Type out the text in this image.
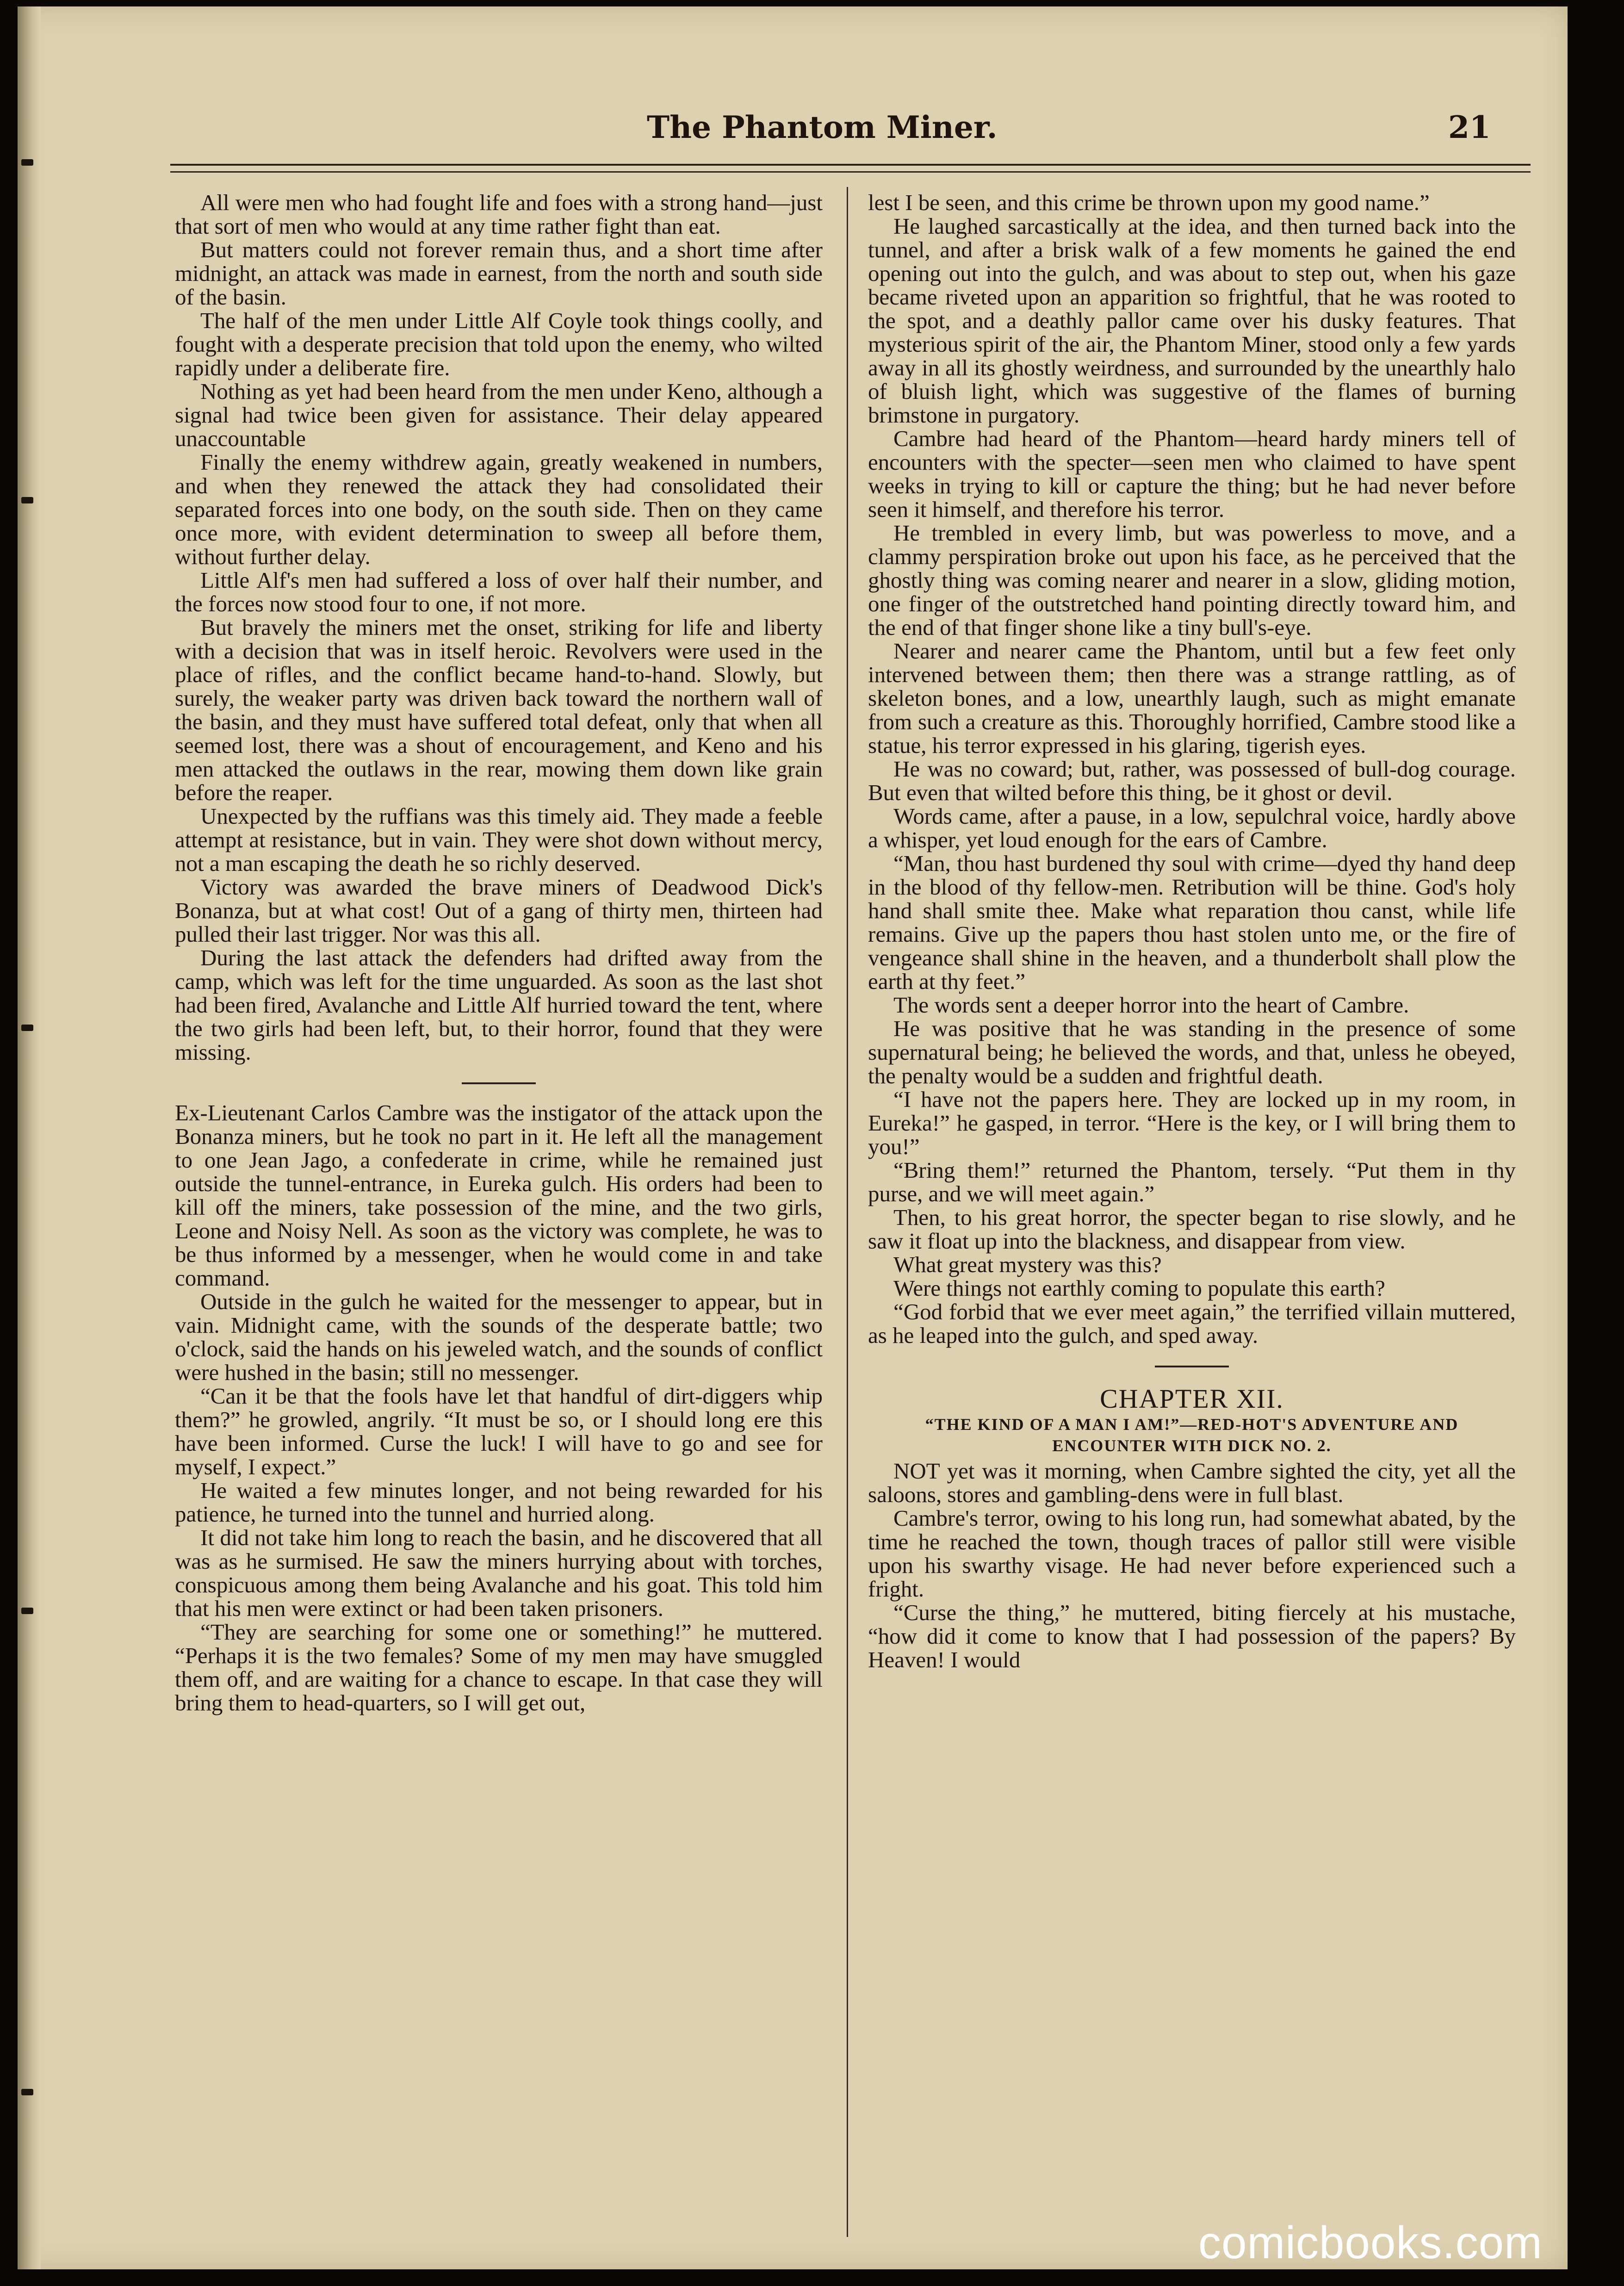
The Phantom Miner.	21

All were men who had fought life and foes with a strong hand—just that sort of men who would at any time rather fight than eat.

But matters could not forever remain thus, and a short time after midnight, an attack was made in earnest, from the north and south side of the basin.

The half of the men under Little Alf Coyle took things coolly, and fought with a desperate precision that told upon the enemy, who wilted rapidly under a deliberate fire.

Nothing as yet had been heard from the men under Keno, although a signal had twice been given for assistance. Their delay appeared unaccountable

Finally the enemy withdrew again, greatly weakened in numbers, and when they renewed the attack they had consolidated their separated forces into one body, on the south side. Then on they came once more, with evident determination to sweep all before them, without further delay.

Little Alf's men had suffered a loss of over half their number, and the forces now stood four to one, if not more.

But bravely the miners met the onset, striking for life and liberty with a decision that was in itself heroic. Revolvers were used in the place of rifles, and the conflict became hand-to-hand. Slowly, but surely, the weaker party was driven back toward the northern wall of the basin, and they must have suffered total defeat, only that when all seemed lost, there was a shout of encouragement, and Keno and his men attacked the outlaws in the rear, mowing them down like grain before the reaper.

Unexpected by the ruffians was this timely aid. They made a feeble attempt at resistance, but in vain. They were shot down without mercy, not a man escaping the death he so richly deserved.

Victory was awarded the brave miners of Deadwood Dick's Bonanza, but at what cost! Out of a gang of thirty men, thirteen had pulled their last trigger. Nor was this all.

During the last attack the defenders had drifted away from the camp, which was left for the time unguarded. As soon as the last shot had been fired, Avalanche and Little Alf hurried toward the tent, where the two girls had been left, but, to their horror, found that they were missing.

Ex-Lieutenant Carlos Cambre was the instigator of the attack upon the Bonanza miners, but he took no part in it. He left all the management to one Jean Jago, a confederate in crime, while he remained just outside the tunnel-entrance, in Eureka gulch. His orders had been to kill off the miners, take possession of the mine, and the two girls, Leone and Noisy Nell. As soon as the victory was complete, he was to be thus informed by a messenger, when he would come in and take command.

Outside in the gulch he waited for the messenger to appear, but in vain. Midnight came, with the sounds of the desperate battle; two o'clock, said the hands on his jeweled watch, and the sounds of conflict were hushed in the basin; still no messenger.

“Can it be that the fools have let that handful of dirt-diggers whip them?” he growled, angrily. “It must be so, or I should long ere this have been informed. Curse the luck! I will have to go and see for myself, I expect.”

He waited a few minutes longer, and not being rewarded for his patience, he turned into the tunnel and hurried along.

It did not take him long to reach the basin, and he discovered that all was as he surmised. He saw the miners hurrying about with torches, conspicuous among them being Avalanche and his goat. This told him that his men were extinct or had been taken prisoners.

“They are searching for some one or something!” he muttered. “Perhaps it is the two females? Some of my men may have smuggled them off, and are waiting for a chance to escape. In that case they will bring them to head-quarters, so I will get out,

lest I be seen, and this crime be thrown upon my good name.”

He laughed sarcastically at the idea, and then turned back into the tunnel, and after a brisk walk of a few moments he gained the end opening out into the gulch, and was about to step out, when his gaze became riveted upon an apparition so frightful, that he was rooted to the spot, and a deathly pallor came over his dusky features. That mysterious spirit of the air, the Phantom Miner, stood only a few yards away in all its ghostly weirdness, and surrounded by the unearthly halo of bluish light, which was suggestive of the flames of burning brimstone in purgatory.

Cambre had heard of the Phantom—heard hardy miners tell of encounters with the specter—seen men who claimed to have spent weeks in trying to kill or capture the thing; but he had never before seen it himself, and therefore his terror.

He trembled in every limb, but was powerless to move, and a clammy perspiration broke out upon his face, as he perceived that the ghostly thing was coming nearer and nearer in a slow, gliding motion, one finger of the outstretched hand pointing directly toward him, and the end of that finger shone like a tiny bull's-eye.

Nearer and nearer came the Phantom, until but a few feet only intervened between them; then there was a strange rattling, as of skeleton bones, and a low, unearthly laugh, such as might emanate from such a creature as this. Thoroughly horrified, Cambre stood like a statue, his terror expressed in his glaring, tigerish eyes.

He was no coward; but, rather, was possessed of bull-dog courage. But even that wilted before this thing, be it ghost or devil.

Words came, after a pause, in a low, sepulchral voice, hardly above a whisper, yet loud enough for the ears of Cambre.

“Man, thou hast burdened thy soul with crime—dyed thy hand deep in the blood of thy fellow-men. Retribution will be thine. God's holy hand shall smite thee. Make what reparation thou canst, while life remains. Give up the papers thou hast stolen unto me, or the fire of vengeance shall shine in the heaven, and a thunderbolt shall plow the earth at thy feet.”

The words sent a deeper horror into the heart of Cambre.

He was positive that he was standing in the presence of some supernatural being; he believed the words, and that, unless he obeyed, the penalty would be a sudden and frightful death.

“I have not the papers here. They are locked up in my room, in Eureka!” he gasped, in terror. “Here is the key, or I will bring them to you!”

“Bring them!” returned the Phantom, tersely. “Put them in thy purse, and we will meet again.”

Then, to his great horror, the specter began to rise slowly, and he saw it float up into the blackness, and disappear from view.

What great mystery was this?

Were things not earthly coming to populate this earth?

“God forbid that we ever meet again,” the terrified villain muttered, as he leaped into the gulch, and sped away.

CHAPTER XII.
“THE KIND OF A MAN I AM!”—RED-HOT'S ADVENTURE AND ENCOUNTER WITH DICK NO. 2.

NOT yet was it morning, when Cambre sighted the city, yet all the saloons, stores and gambling-dens were in full blast.

Cambre's terror, owing to his long run, had somewhat abated, by the time he reached the town, though traces of pallor still were visible upon his swarthy visage. He had never before experienced such a fright.

“Curse the thing,” he muttered, biting fiercely at his mustache, “how did it come to know that I had possession of the papers? By Heaven! I would

comicbooks.com
